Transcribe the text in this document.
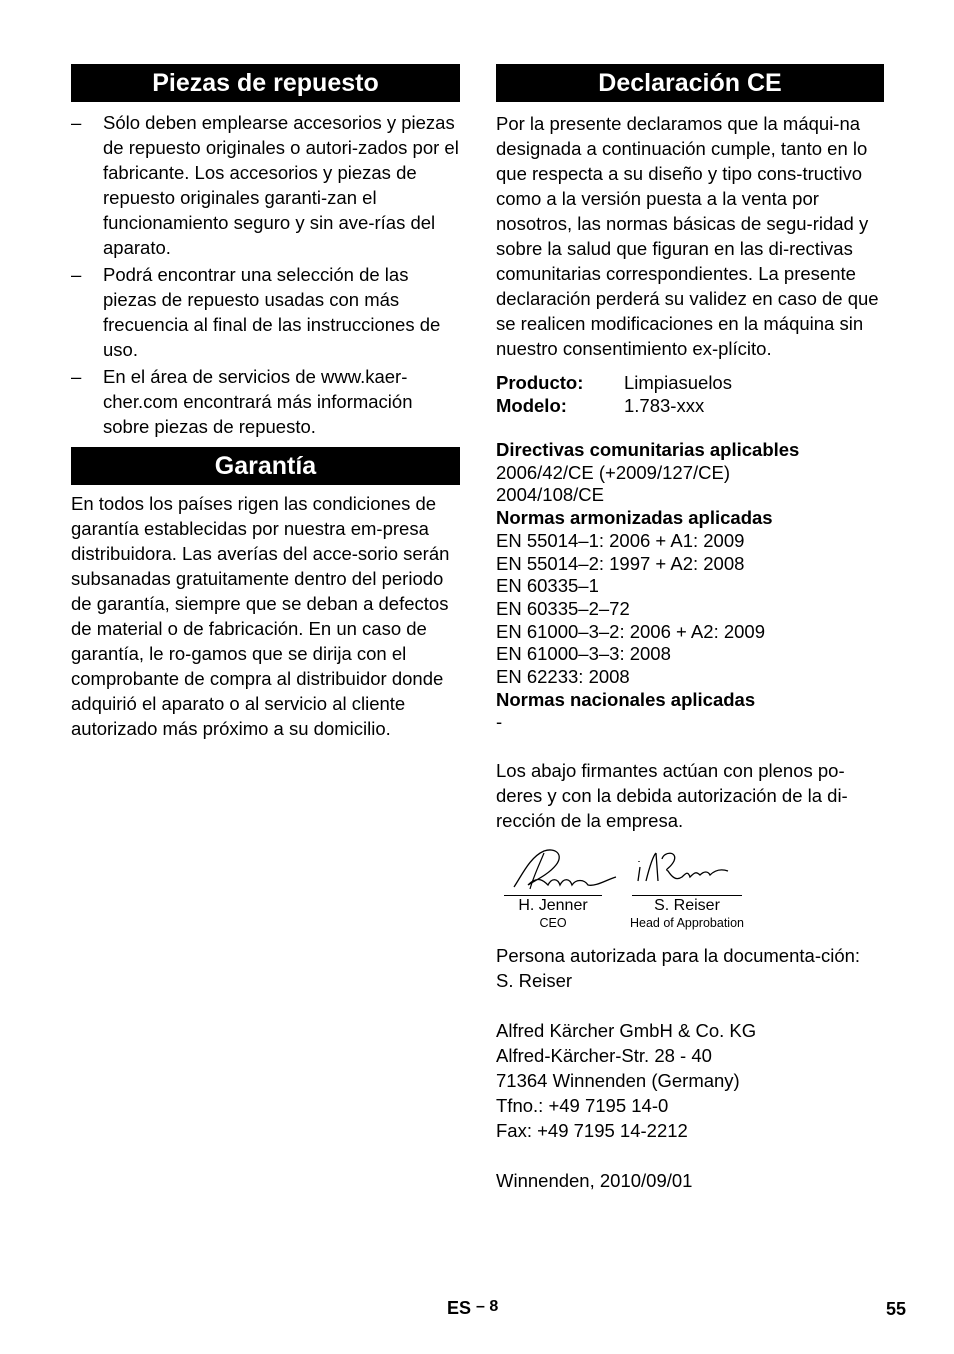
Piezas de repuesto
– Sólo deben emplearse accesorios y piezas de repuesto originales o autori-zados por el fabricante. Los accesorios y piezas de repuesto originales garanti-zan el funcionamiento seguro y sin ave-rías del aparato.
– Podrá encontrar una selección de las piezas de repuesto usadas con más frecuencia al final de las instrucciones de uso.
– En el área de servicios de www.kaer-cher.com encontrará más información sobre piezas de repuesto.
Garantía

En todos los países rigen las condiciones de garantía establecidas por nuestra em-presa distribuidora. Las averías del acce-sorio serán subsanadas gratuitamente dentro del periodo de garantía, siempre que se deban a defectos de material o de fabricación. En un caso de garantía, le ro-gamos que se dirija con el comprobante de compra al distribuidor donde adquirió el aparato o al servicio al cliente autorizado más próximo a su domicilio.

Declaración CE

Por la presente declaramos que la máqui-na designada a continuación cumple, tanto en lo que respecta a su diseño y tipo cons-tructivo como a la versión puesta a la venta por nosotros, las normas básicas de segu-ridad y sobre la salud que figuran en las di-rectivas comunitarias correspondientes. La presente declaración perderá su validez en caso de que se realicen modificaciones en la máquina sin nuestro consentimiento ex-plícito.

Producto: Limpiasuelos
Modelo:	1.783-xxx
Directivas comunitarias aplicables
2006/42/CE (+2009/127/CE)
2004/108/CE
Normas armonizadas aplicadas
EN 55014–1: 2006 + A1: 2009
EN 55014–2: 1997 + A2: 2008
EN 60335–1
EN 60335–2–72
EN 61000–3–2: 2006 + A2: 2009
EN 61000–3–3: 2008
EN 62233: 2008
Normas nacionales aplicadas
-

Los abajo firmantes actúan con plenos po-deres y con la debida autorización de la di-rección de la empresa.

H. Jenner
CEO
S. Reiser
Head of Approbation

Persona autorizada para la documenta-ción:

S. Reiser

Alfred Kärcher GmbH & Co. KG

Alfred-Kärcher-Str. 28 - 40

71364 Winnenden (Germany)

Tfno.: +49 7195 14-0

Fax: +49 7195 14-2212

Winnenden, 2010/09/01

ES – 8	55
